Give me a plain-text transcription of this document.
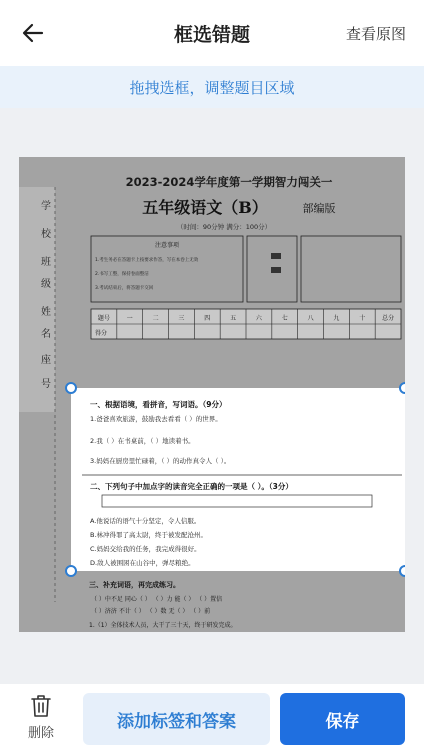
框选错题	查看原图
拖拽选框，调整题目区域
学
校
班
级
姓
名
座
号
2023-2024学年度第一学期智力闯关一
五年级语文（B）	部编版
（时间：90分钟 满分：100分）
注意事项
1.考生务必在答题卡上按要求作答，写在本卷上无效
2.书写工整，保持卷面整洁
3.考试结束后，将答题卡交回
题号	一	二	三	四	五	六	七	八	九	十	总分
得分
三、补充词语，再完成练习。
（ ）中不足 同心（ ） （ ）力 能（ ） （ ）置信
（ ）济济 不计（ ） （ ）数 无（ ） （ ）前
1.（1）全体技术人员，大干了三十天，终于研发完成。
一、根据语境，看拼音，写词语。（9分）
1.爸爸喜欢旅游，鼓励我去看看（ ）的世界。
2.我（ ）在书桌前，（ ）地读着书。
3.妈妈在厨房里忙碌着，（ ）的动作真令人（ ）。
二、下列句子中加点字的读音完全正确的一项是（ ）。（3分）
A.他说话的语气十分坚定，令人信服。
B.林冲得罪了高太尉，终于被发配沧州。
C.妈妈交给我的任务，我完成得很好。
D.敌人被围困在山谷中，弹尽粮绝。
删除
添加标签和答案	保存
